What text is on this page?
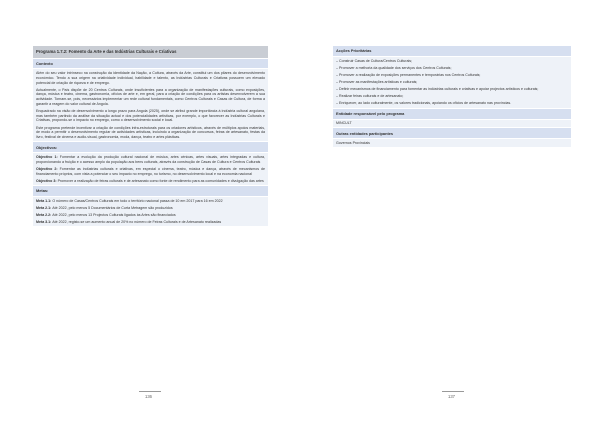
Programa 1.7.2: Fomento da Arte e das Indústrias Culturais e Criativas
Contexto

Além do seu valor intrínseco na construção da identidade da Nação, a Cultura, através da Arte, constitui um dos pilares do desenvolvimento económico. Tendo a sua origem na criatividade individual, habilidade e talento, as Indústrias Culturais e Criativas possuem um elevado potencial de criação de riqueza e de emprego.

Actualmente, o País dispõe de 20 Centros Culturais, onde insuficientes para a organização de manifestações culturais, como exposições, dança, música e teatro, cinema, gastronomia, ofícios de arte e, em geral, para a criação de condições para os artistas desenvolverem a sua actividade. Tornam-se, pois, necessários implementar um rede cultural fundamentais, como Centros Culturais e Casas de Cultura, de forma a garantir a reagem do valor cultural de Angola.

Enquadrado na visão de desenvolvimento a longo prazo para Angola (2025), onde se atribui grande importância à indústria cultural angolana, mas também partindo da análise da situação actual e dos potencialidades artísticas, por exemplo, o que favorecer as Indústrias Culturais e Criativas, propondo-se o impacto no emprego, como o desenvolvimento social e local.

Este programa pretende incentivar a criação de condições infra-estruturais para os criadores artísticos, através de múltiplos apoios materiais, de modo a permitir o desenvolvimento regular de actividades artísticas, incluindo a organização de concursos, feiras de artesanato, festas da livro, festival de cinema e audio-visual, gastronomia, moda, dança, teatro e artes plásticas.

Objectivos:

Objectivo 1: Fomentar a evolução da produção cultural nacional de música, artes cénicas, artes visuais, artes integradas e cultura, proporcionando a fruição e o acesso amplo da população aos bens culturais, através da construção de Casas de Cultura e Centros Culturais

Objectivo 2: Fomentar as indústrias culturais e criativas, em especial o cinema, teatro, música e dança, através de mecanismos de financiamento próprios, com vista a potenciar o seu impacto no emprego, no turismo, no desenvolvimento local e na economia nacional

Objectivo 3: Promover a realização de feiras culturais e de artesanato como fonte de rendimento para as comunidades e divulgação das artes

Metas:

Meta 1.1: O número de Casas/Centros Culturais em todo o território nacional passa de 10 em 2017 para 16 em 2022

Meta 2.1: Até 2022, pelo menos 5 Documentários de Curta Metragem são produzidos

Meta 2.2: Até 2022, pelo menos 13 Projectos Culturais ligados às Artes são financiados

Meta 3.1: Até 2022, registo-se um aumento anual de 20% no número de Feiras Culturais e de Artesanato realizadas

136
Acções Prioritárias

– Construir Casas de Cultura/Centros Culturais;

– Promover a melhoria da qualidade dos serviços dos Centros Culturais;

– Promover a realização de exposições permanentes e temporárias nos Centros Culturais;

– Promover as manifestações artísticas e culturais;

– Definir mecanismos de financiamento para fomentar as indústrias culturais e criativas e apoiar projectos artísticos e culturais;

– Realizar feiras culturais e de artesanato;

– Enriquecer, ao lado culturalmente, os valores tradicionais, apoiando os ofícios de artesanato nas províncias.

Entidade responsável pelo programa
MINCULT
Outras entidades participantes
Governos Provinciais
137
